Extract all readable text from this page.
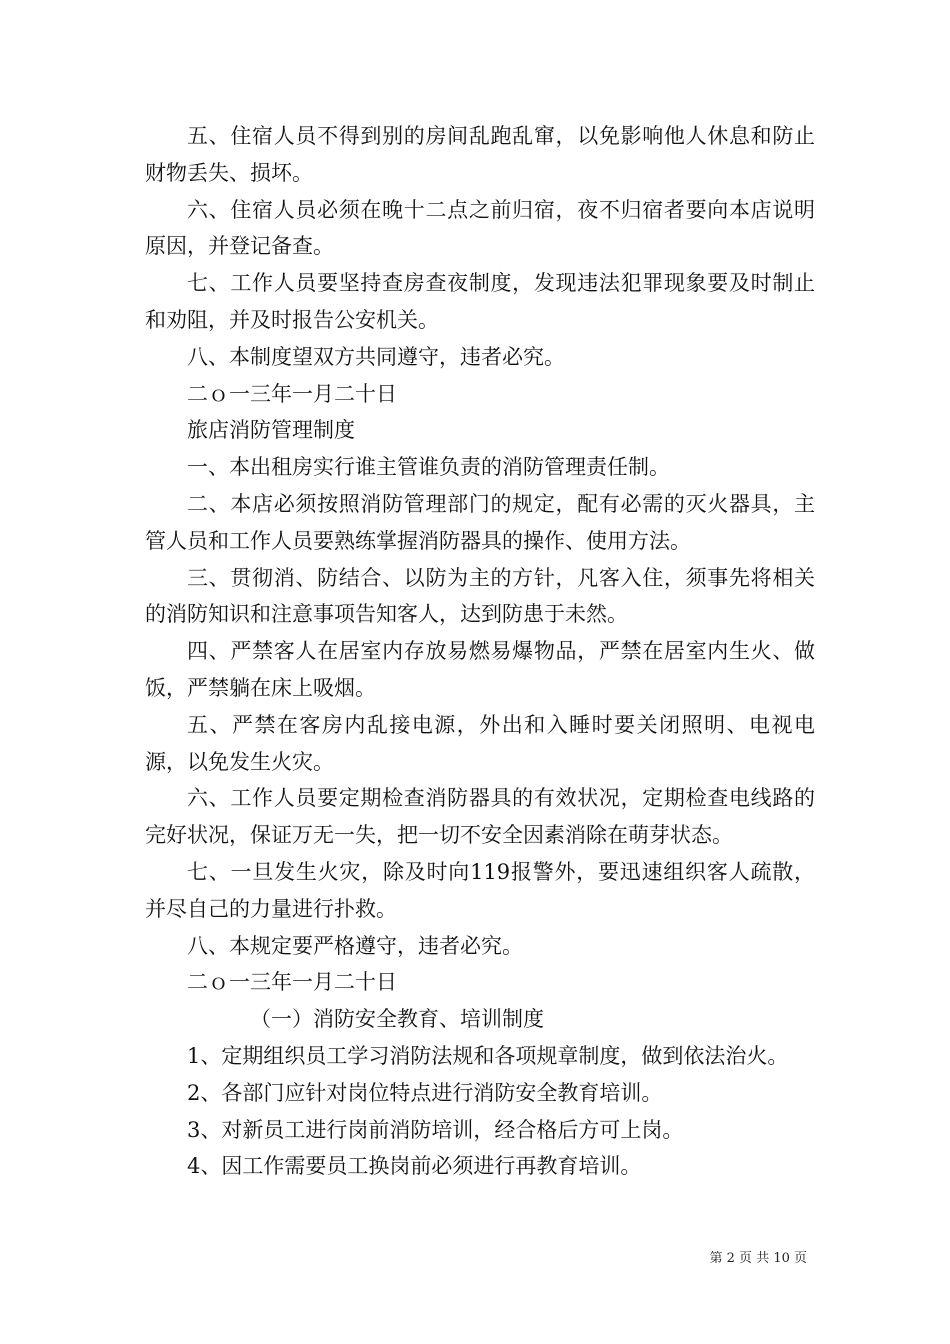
五、住宿人员不得到别的房间乱跑乱窜，以免影响他人休息和防止财物丢失、损坏。

六、住宿人员必须在晚十二点之前归宿，夜不归宿者要向本店说明原因，并登记备查。

七、工作人员要坚持查房查夜制度，发现违法犯罪现象要及时制止和劝阻，并及时报告公安机关。

八、本制度望双方共同遵守，违者必究。

二ｏ一三年一月二十日

旅店消防管理制度

一、本出租房实行谁主管谁负责的消防管理责任制。

二、本店必须按照消防管理部门的规定，配有必需的灭火器具，主管人员和工作人员要熟练掌握消防器具的操作、使用方法。

三、贯彻消、防结合、以防为主的方针，凡客入住，须事先将相关的消防知识和注意事项告知客人，达到防患于未然。

四、严禁客人在居室内存放易燃易爆物品，严禁在居室内生火、做饭，严禁躺在床上吸烟。

五、严禁在客房内乱接电源，外出和入睡时要关闭照明、电视电源，以免发生火灾。

六、工作人员要定期检查消防器具的有效状况，定期检查电线路的完好状况，保证万无一失，把一切不安全因素消除在萌芽状态。

七、一旦发生火灾，除及时向119报警外，要迅速组织客人疏散，并尽自己的力量进行扑救。

八、本规定要严格遵守，违者必究。

二ｏ一三年一月二十日

（一）消防安全教育、培训制度

1、定期组织员工学习消防法规和各项规章制度，做到依法治火。

2、各部门应针对岗位特点进行消防安全教育培训。

3、对新员工进行岗前消防培训，经合格后方可上岗。

4、因工作需要员工换岗前必须进行再教育培训。

第 2 页 共 10 页
